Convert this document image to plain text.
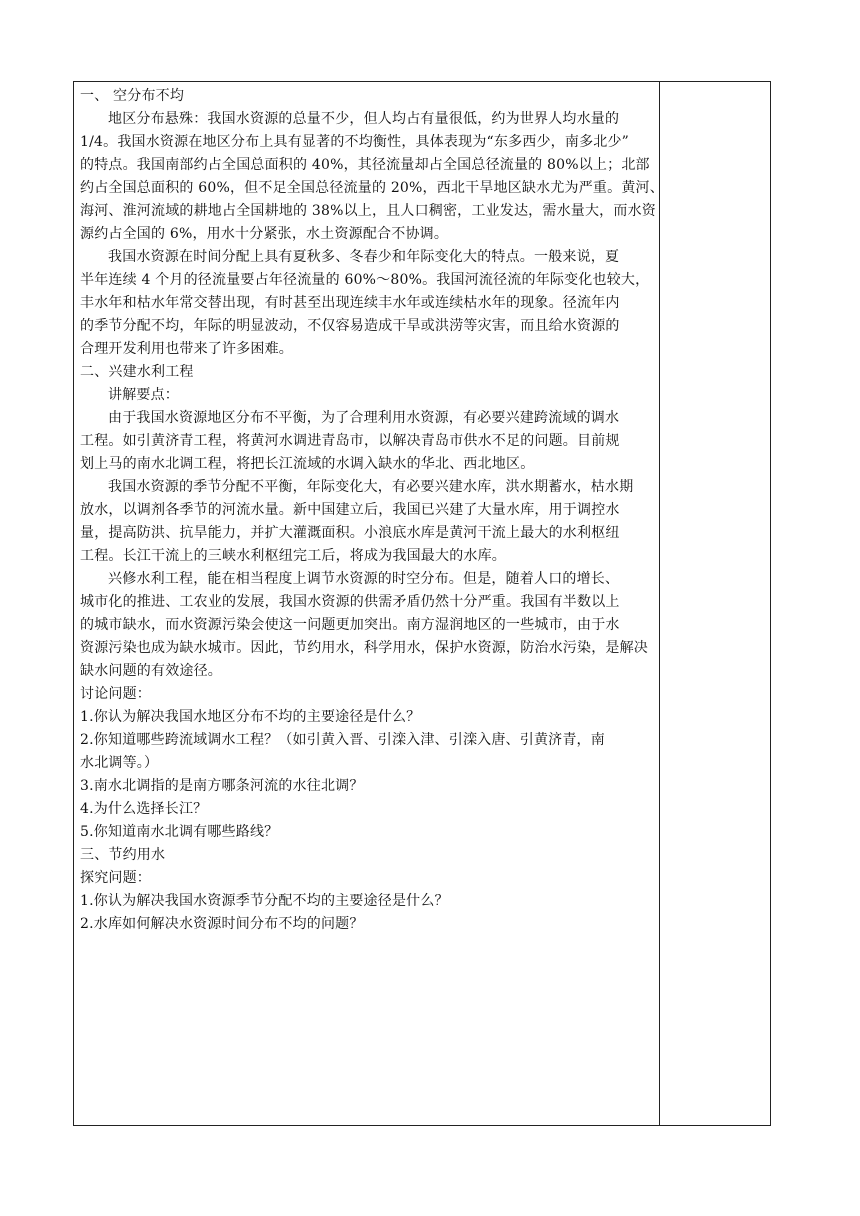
一、 空分布不均
地区分布悬殊：我国水资源的总量不少，但人均占有量很低，约为世界人均水量的
1/4。我国水资源在地区分布上具有显著的不均衡性，具体表现为“东多西少，南多北少”
的特点。我国南部约占全国总面积的 40%，其径流量却占全国总径流量的 80%以上；北部
约占全国总面积的 60%，但不足全国总径流量的 20%，西北干旱地区缺水尤为严重。黄河、
海河、淮河流域的耕地占全国耕地的 38%以上，且人口稠密，工业发达，需水量大，而水资
源约占全国的 6%，用水十分紧张，水土资源配合不协调。
我国水资源在时间分配上具有夏秋多、冬春少和年际变化大的特点。一般来说，夏
半年连续 4 个月的径流量要占年径流量的 60%～80%。我国河流径流的年际变化也较大，
丰水年和枯水年常交替出现，有时甚至出现连续丰水年或连续枯水年的现象。径流年内
的季节分配不均，年际的明显波动，不仅容易造成干旱或洪涝等灾害，而且给水资源的
合理开发利用也带来了许多困难。
二、兴建水利工程
讲解要点：
由于我国水资源地区分布不平衡，为了合理利用水资源，有必要兴建跨流域的调水
工程。如引黄济青工程，将黄河水调进青岛市，以解决青岛市供水不足的问题。目前规
划上马的南水北调工程，将把长江流域的水调入缺水的华北、西北地区。
我国水资源的季节分配不平衡，年际变化大，有必要兴建水库，洪水期蓄水，枯水期
放水，以调剂各季节的河流水量。新中国建立后，我国已兴建了大量水库，用于调控水
量，提高防洪、抗旱能力，并扩大灌溉面积。小浪底水库是黄河干流上最大的水利枢纽
工程。长江干流上的三峡水利枢纽完工后，将成为我国最大的水库。
兴修水利工程，能在相当程度上调节水资源的时空分布。但是，随着人口的增长、
城市化的推进、工农业的发展，我国水资源的供需矛盾仍然十分严重。我国有半数以上
的城市缺水，而水资源污染会使这一问题更加突出。南方湿润地区的一些城市，由于水
资源污染也成为缺水城市。因此，节约用水，科学用水，保护水资源，防治水污染，是解决
缺水问题的有效途径。
讨论问题：
1.你认为解决我国水地区分布不均的主要途径是什么？
2.你知道哪些跨流域调水工程？（如引黄入晋、引滦入津、引滦入唐、引黄济青，南
水北调等。）
3.南水北调指的是南方哪条河流的水往北调？
4.为什么选择长江？
5.你知道南水北调有哪些路线？
三、节约用水
探究问题：
1.你认为解决我国水资源季节分配不均的主要途径是什么？
2.水库如何解决水资源时间分布不均的问题？
